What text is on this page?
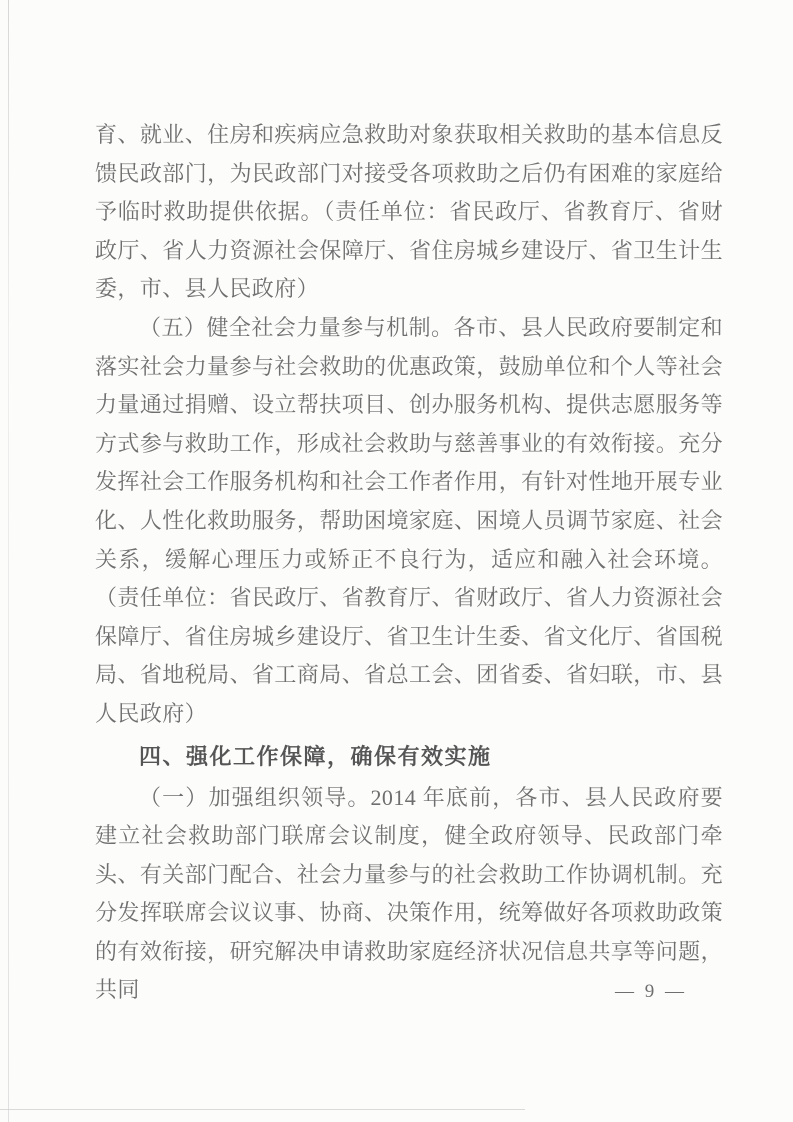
育、就业、住房和疾病应急救助对象获取相关救助的基本信息反馈民政部门，为民政部门对接受各项救助之后仍有困难的家庭给予临时救助提供依据。（责任单位：省民政厅、省教育厅、省财政厅、省人力资源社会保障厅、省住房城乡建设厅、省卫生计生委，市、县人民政府）

（五）健全社会力量参与机制。各市、县人民政府要制定和落实社会力量参与社会救助的优惠政策，鼓励单位和个人等社会力量通过捐赠、设立帮扶项目、创办服务机构、提供志愿服务等方式参与救助工作，形成社会救助与慈善事业的有效衔接。充分发挥社会工作服务机构和社会工作者作用，有针对性地开展专业化、人性化救助服务，帮助困境家庭、困境人员调节家庭、社会关系，缓解心理压力或矫正不良行为，适应和融入社会环境。（责任单位：省民政厅、省教育厅、省财政厅、省人力资源社会保障厅、省住房城乡建设厅、省卫生计生委、省文化厅、省国税局、省地税局、省工商局、省总工会、团省委、省妇联，市、县人民政府）

四、强化工作保障，确保有效实施

（一）加强组织领导。2014 年底前，各市、县人民政府要建立社会救助部门联席会议制度，健全政府领导、民政部门牵头、有关部门配合、社会力量参与的社会救助工作协调机制。充分发挥联席会议议事、协商、决策作用，统筹做好各项救助政策的有效衔接，研究解决申请救助家庭经济状况信息共享等问题，共同	— 9 —
